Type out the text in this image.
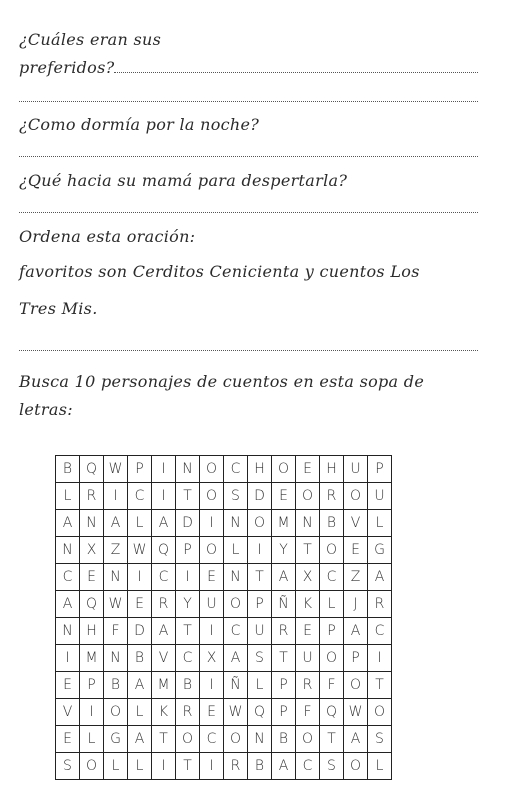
¿Cuáles eran sus
preferidos?
¿Como dormía por la noche?
¿Qué hacia su mamá para despertarla?
Ordena esta oración:
favoritos son Cerditos Cenicienta y cuentos Los
Tres Mis.
Busca 10 personajes de cuentos en esta sopa de
letras:
B	Q	W	P	I	N	O	C	H	O	E	H	U	P
L	R	I	C	I	T	O	S	D	E	O	R	O	U
A	N	A	L	A	D	I	N	O	M	N	B	V	L
N	X	Z	W	Q	P	O	L	I	Y	T	O	E	G
C	E	N	I	C	I	E	N	T	A	X	C	Z	A
A	Q	W	E	R	Y	U	O	P	Ñ	K	L	J	R
N	H	F	D	A	T	I	C	U	R	E	P	A	C
I	M	N	B	V	C	X	A	S	T	U	O	P	I
E	P	B	A	M	B	I	Ñ	L	P	R	F	O	T
V	I	O	L	K	R	E	W	Q	P	F	Q	W	O
E	L	G	A	T	O	C	O	N	B	O	T	A	S
S	O	L	L	I	T	I	R	B	A	C	S	O	L
